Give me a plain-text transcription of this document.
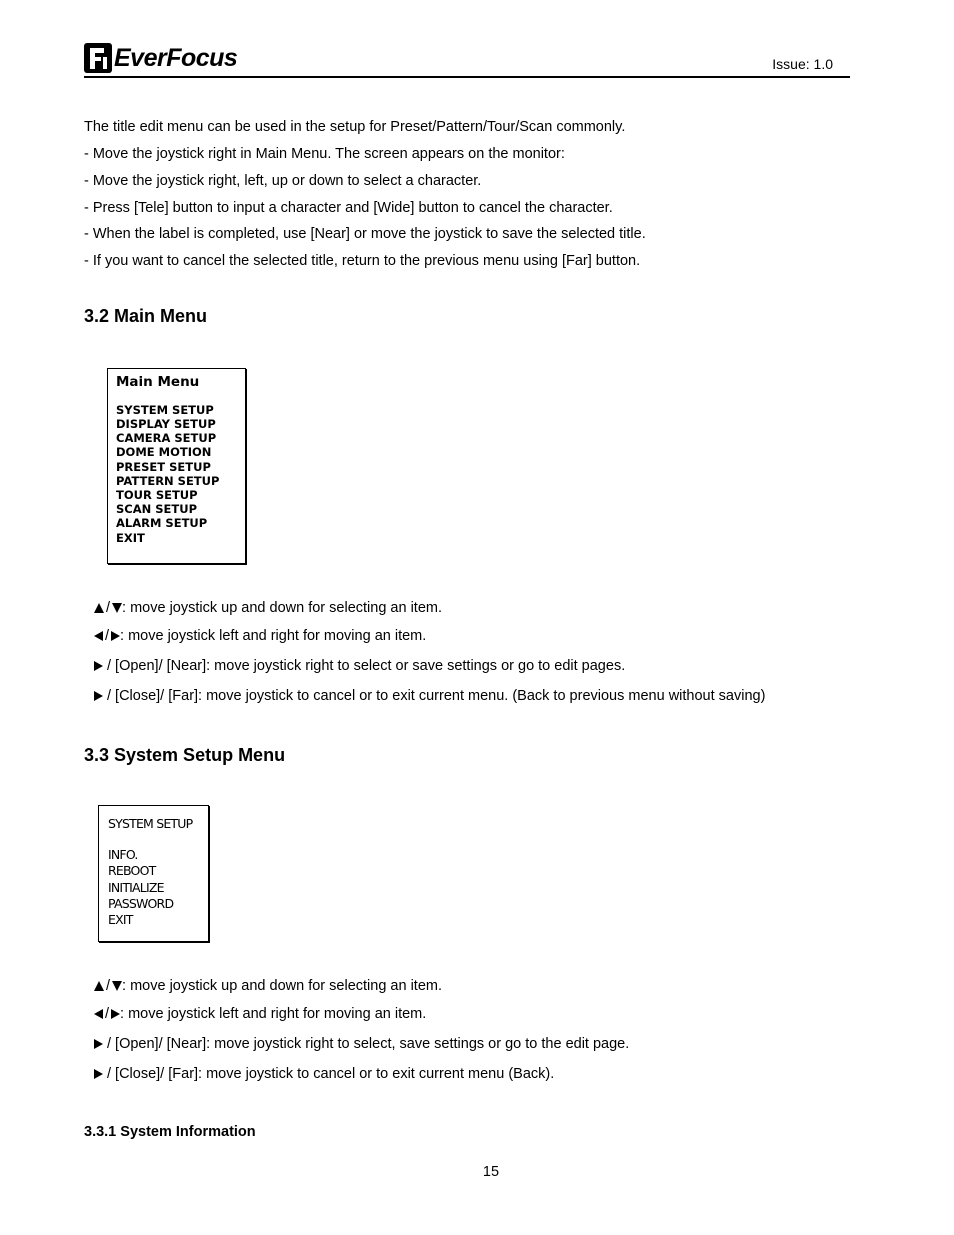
EverFocus	Issue: 1.0
The title edit menu can be used in the setup for Preset/Pattern/Tour/Scan commonly.
- Move the joystick right in Main Menu. The screen appears on the monitor:
- Move the joystick right, left, up or down to select a character.
- Press [Tele] button to input a character and [Wide] button to cancel the character.
- When the label is completed, use [Near] or move the joystick to save the selected title.
- If you want to cancel the selected title, return to the previous menu using [Far] button.
3.2 Main Menu
Main Menu
SYSTEM SETUP
DISPLAY SETUP
CAMERA SETUP
DOME MOTION
PRESET SETUP
PATTERN SETUP
TOUR SETUP
SCAN SETUP
ALARM SETUP
EXIT
/ : move joystick up and down for selecting an item.
/ : move joystick left and right for moving an item.
/ [Open]/ [Near]: move joystick right to select or save settings or go to edit pages.
/ [Close]/ [Far]: move joystick to cancel or to exit current menu. (Back to previous menu without saving)
3.3 System Setup Menu
SYSTEM SETUP
INFO.
REBOOT
INITIALIZE
PASSWORD
EXIT
/ : move joystick up and down for selecting an item.
/ : move joystick left and right for moving an item.
/ [Open]/ [Near]: move joystick right to select, save settings or go to the edit page.
/ [Close]/ [Far]: move joystick to cancel or to exit current menu (Back).
3.3.1 System Information
15
